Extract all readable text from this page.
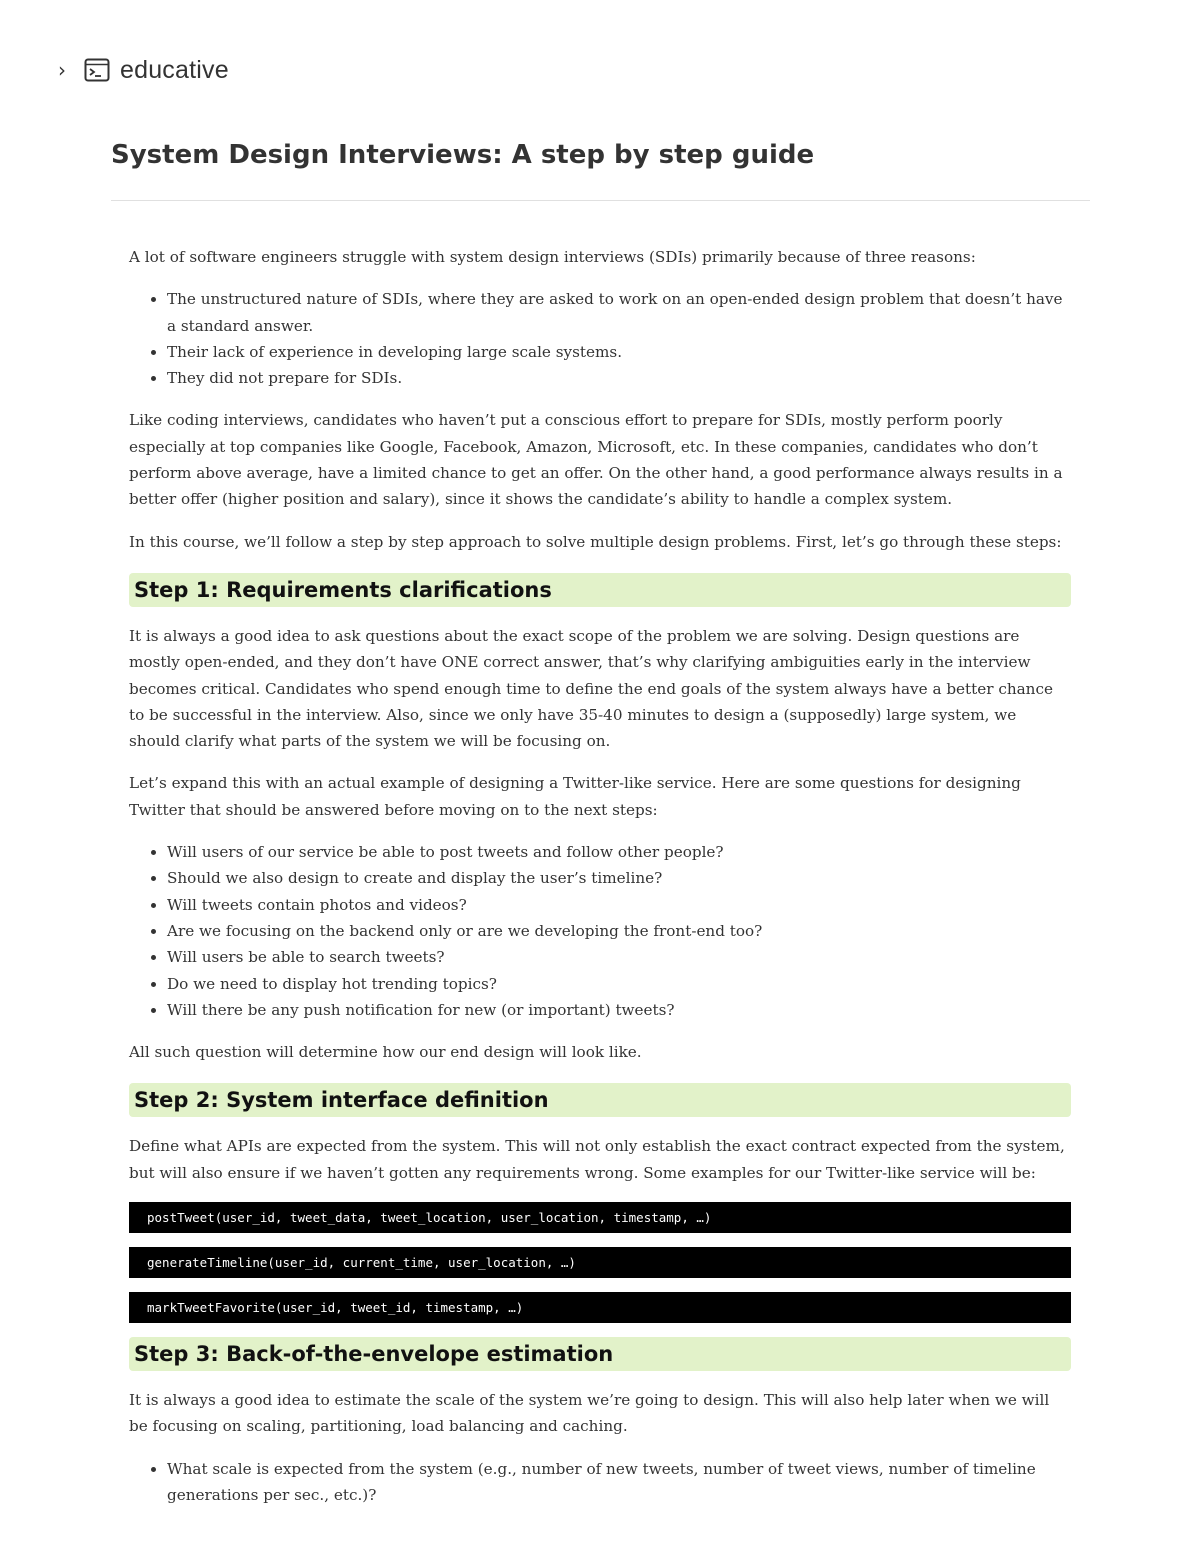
› educative
System Design Interviews: A step by step guide

A lot of software engineers struggle with system design interviews (SDIs) primarily because of three reasons:

• The unstructured nature of SDIs, where they are asked to work on an open-ended design problem that doesn’t have a standard answer.
• Their lack of experience in developing large scale systems.
• They did not prepare for SDIs.

Like coding interviews, candidates who haven’t put a conscious effort to prepare for SDIs, mostly perform poorly especially at top companies like Google, Facebook, Amazon, Microsoft, etc. In these companies, candidates who don’t perform above average, have a limited chance to get an offer. On the other hand, a good performance always results in a better offer (higher position and salary), since it shows the candidate’s ability to handle a complex system.

In this course, we’ll follow a step by step approach to solve multiple design problems. First, let’s go through these steps:

Step 1: Requirements clarifications

It is always a good idea to ask questions about the exact scope of the problem we are solving. Design questions are mostly open-ended, and they don’t have ONE correct answer, that’s why clarifying ambiguities early in the interview becomes critical. Candidates who spend enough time to define the end goals of the system always have a better chance to be successful in the interview. Also, since we only have 35-40 minutes to design a (supposedly) large system, we should clarify what parts of the system we will be focusing on.

Let’s expand this with an actual example of designing a Twitter-like service. Here are some questions for designing Twitter that should be answered before moving on to the next steps:

• Will users of our service be able to post tweets and follow other people?
• Should we also design to create and display the user’s timeline?
• Will tweets contain photos and videos?
• Are we focusing on the backend only or are we developing the front-end too?
• Will users be able to search tweets?
• Do we need to display hot trending topics?
• Will there be any push notification for new (or important) tweets?

All such question will determine how our end design will look like.

Step 2: System interface definition

Define what APIs are expected from the system. This will not only establish the exact contract expected from the system, but will also ensure if we haven’t gotten any requirements wrong. Some examples for our Twitter-like service will be:

postTweet(user_id, tweet_data, tweet_location, user_location, timestamp, …)
generateTimeline(user_id, current_time, user_location, …)
markTweetFavorite(user_id, tweet_id, timestamp, …)
Step 3: Back-of-the-envelope estimation

It is always a good idea to estimate the scale of the system we’re going to design. This will also help later when we will be focusing on scaling, partitioning, load balancing and caching.

• What scale is expected from the system (e.g., number of new tweets, number of tweet views, number of timeline generations per sec., etc.)?
